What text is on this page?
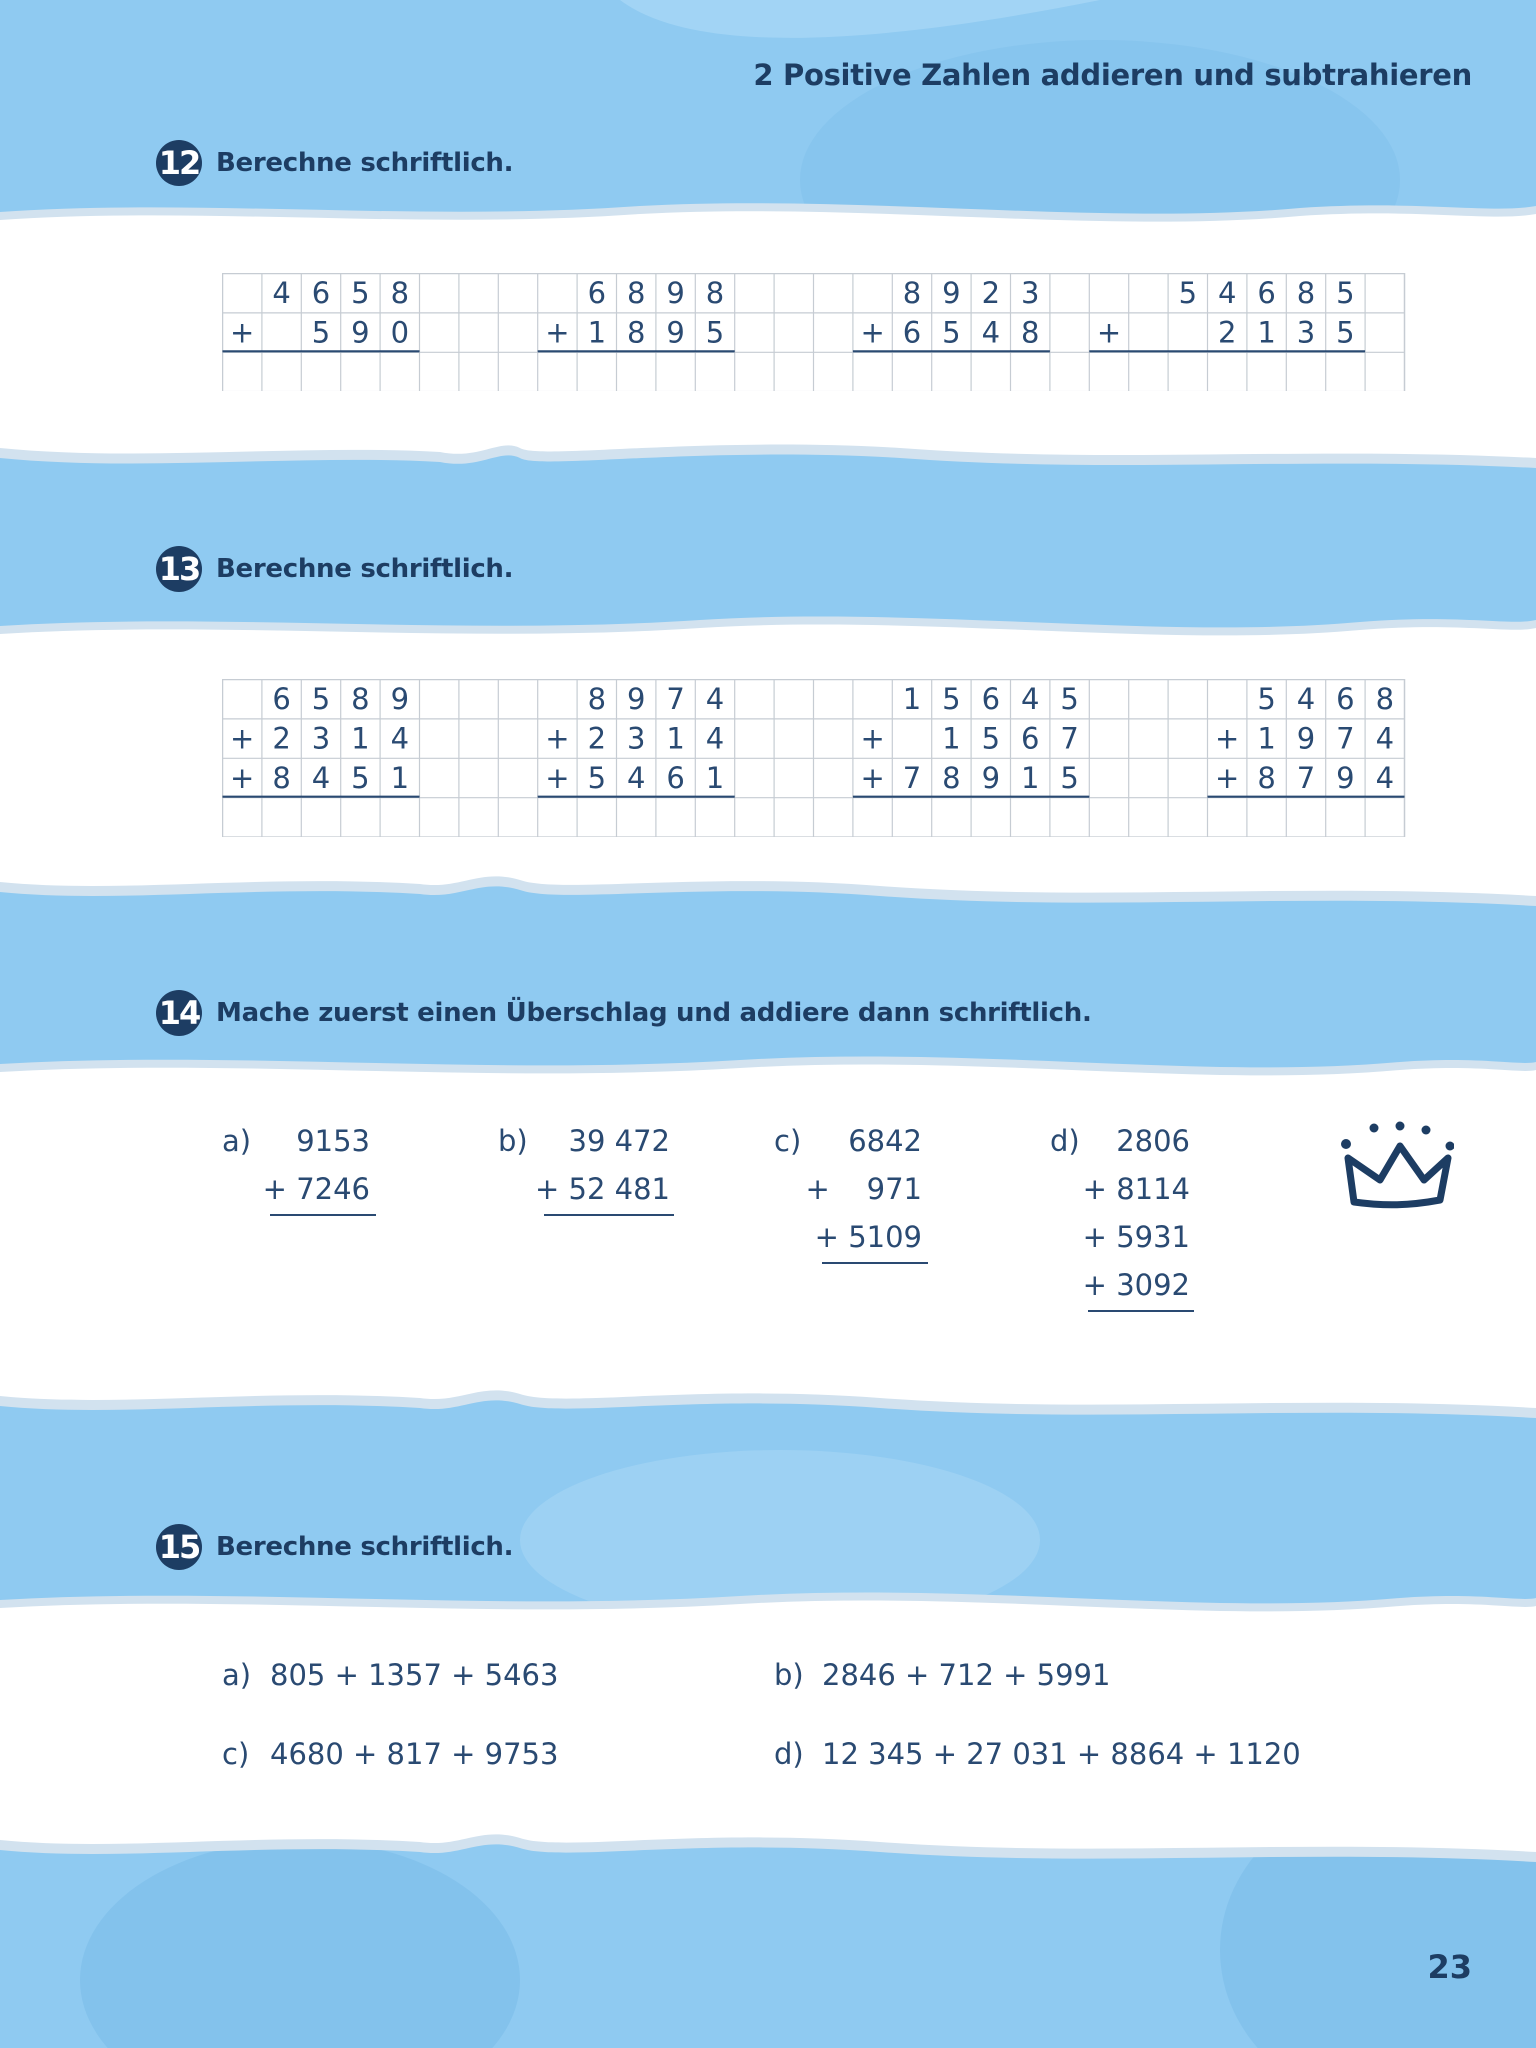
2 Positive Zahlen addieren und subtrahieren
12 Berechne schriftlich.
4 6 5 8
+ 5 9 0
6 8 9 8
+ 1 8 9 5
8 9 2 3
+ 6 5 4 8
5 4 6 8 5
+	2 1 3 5
13 Berechne schriftlich.
6 5 8 9
+ 2 3 1 4
+ 8 4 5 1
8 9 7 4
+ 2 3 1 4
+ 5 4 6 1
1 5 6 4 5
+ 1 5 6 7
+ 7 8 9 1 5
5 4 6 8
+ 1 9 7 4
+ 8 7 9 4
14 Mache zuerst einen Überschlag und addiere dann schriftlich.
a) 9153
+ 7246
b) 39 472
+ 52 481
c) 6842
+    971
+ 5109
d) 2806
+ 8114
+ 5931
+ 3092
15 Berechne schriftlich.
a) 805 + 1357 + 5463	b) 2846 + 712 + 5991
c) 4680 + 817 + 9753	d) 12 345 + 27 031 + 8864 + 1120
23
